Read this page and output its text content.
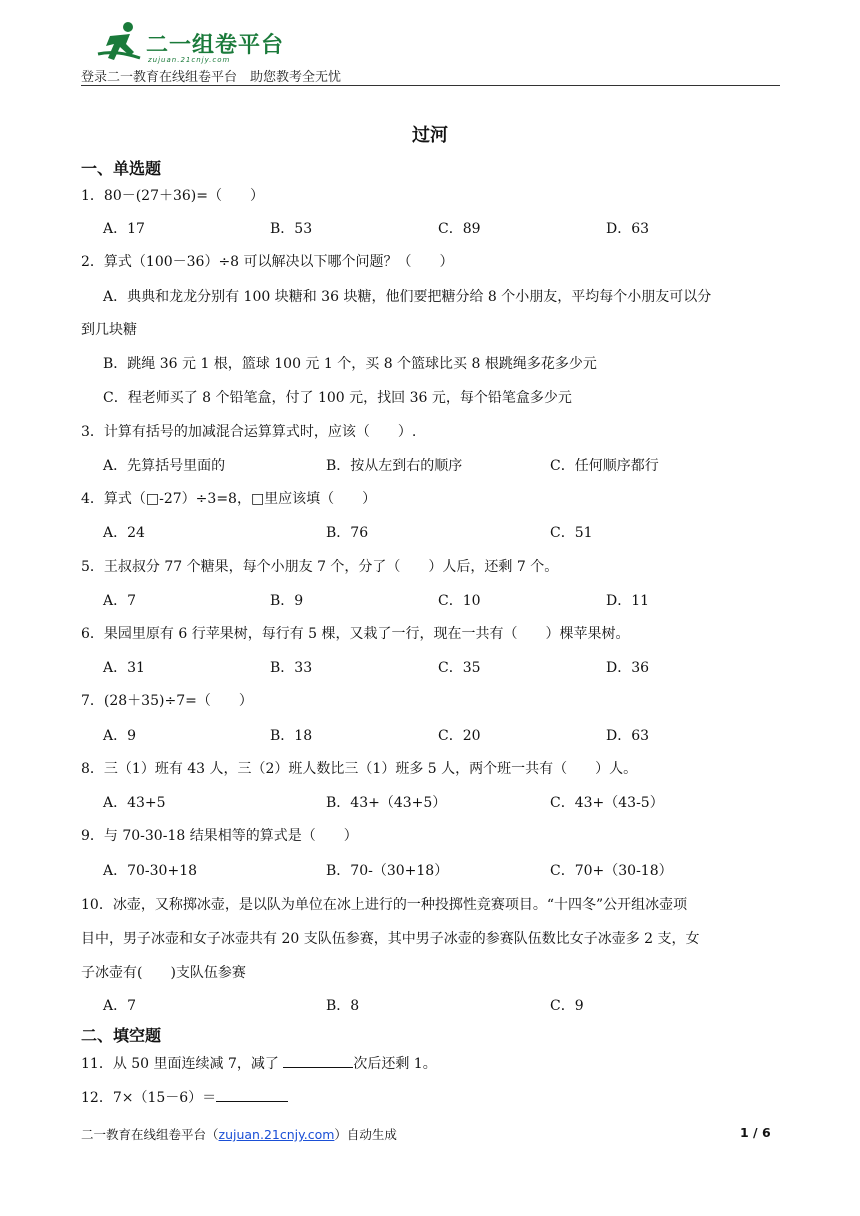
二一组卷平台
zujuan.21cnjy.com
登录二一教育在线组卷平台　助您教考全无忧
过河
一、单选题
1．80－(27＋36)=（　　）
A．17	B．53	C．89	D．63
2．算式（100－36）÷8 可以解决以下哪个问题？（　　）
A．典典和龙龙分别有 100 块糖和 36 块糖，他们要把糖分给 8 个小朋友，平均每个小朋友可以分
到几块糖
B．跳绳 36 元 1 根，篮球 100 元 1 个，买 8 个篮球比买 8 根跳绳多花多少元
C．程老师买了 8 个铅笔盒，付了 100 元，找回 36 元，每个铅笔盒多少元
3．计算有括号的加减混合运算算式时，应该（　　）.
A．先算括号里面的	B．按从左到右的顺序	C．任何顺序都行
4．算式（□-27）÷3=8，□里应该填（　　）
A．24	B．76	C．51
5．王叔叔分 77 个糖果，每个小朋友 7 个，分了（　　）人后，还剩 7 个。
A．7	B．9	C．10	D．11
6．果园里原有 6 行苹果树，每行有 5 棵，又栽了一行，现在一共有（　　）棵苹果树。
A．31	B．33	C．35	D．36
7．(28＋35)÷7=（　　）
A．9	B．18	C．20	D．63
8．三（1）班有 43 人，三（2）班人数比三（1）班多 5 人，两个班一共有（　　）人。
A．43+5	B．43+（43+5）	C．43+（43-5）
9．与 70-30-18 结果相等的算式是（　　）
A．70-30+18	B．70-（30+18）	C．70+（30-18）
10．冰壶，又称掷冰壶，是以队为单位在冰上进行的一种投掷性竞赛项目。“十四冬”公开组冰壶项
目中，男子冰壶和女子冰壶共有 20 支队伍参赛，其中男子冰壶的参赛队伍数比女子冰壶多 2 支，女
子冰壶有(　　)支队伍参赛
A．7	B．8	C．9
二、填空题
11．从 50 里面连续减 7，减了	次后还剩 1。
12．7×（15－6）＝
二一教育在线组卷平台（zujuan.21cnjy.com）自动生成	1 / 6
